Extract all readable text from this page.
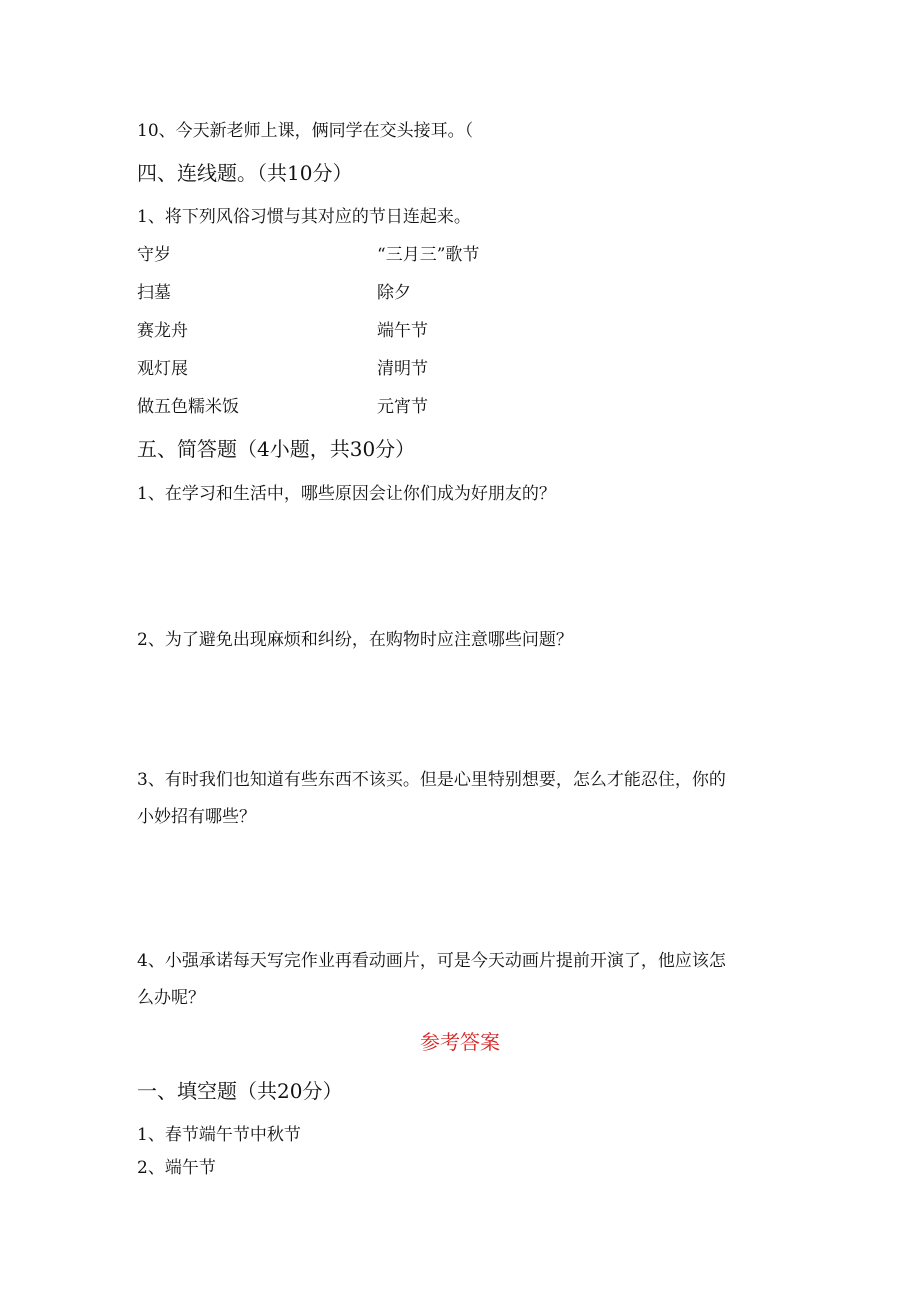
10、今天新老师上课，俩同学在交头接耳。（
四、连线题。（共10分）
1、将下列风俗习惯与其对应的节日连起来。
守岁
扫墓
赛龙舟
观灯展
做五色糯米饭
“三月三”歌节
除夕
端午节
清明节
元宵节
五、简答题（4小题，共30分）
1、在学习和生活中，哪些原因会让你们成为好朋友的？
2、为了避免出现麻烦和纠纷，在购物时应注意哪些问题？
3、有时我们也知道有些东西不该买。但是心里特别想要，怎么才能忍住，你的
小妙招有哪些？
4、小强承诺每天写完作业再看动画片，可是今天动画片提前开演了，他应该怎
么办呢？
参考答案
一、填空题（共20分）
1、春节端午节中秋节
2、端午节
